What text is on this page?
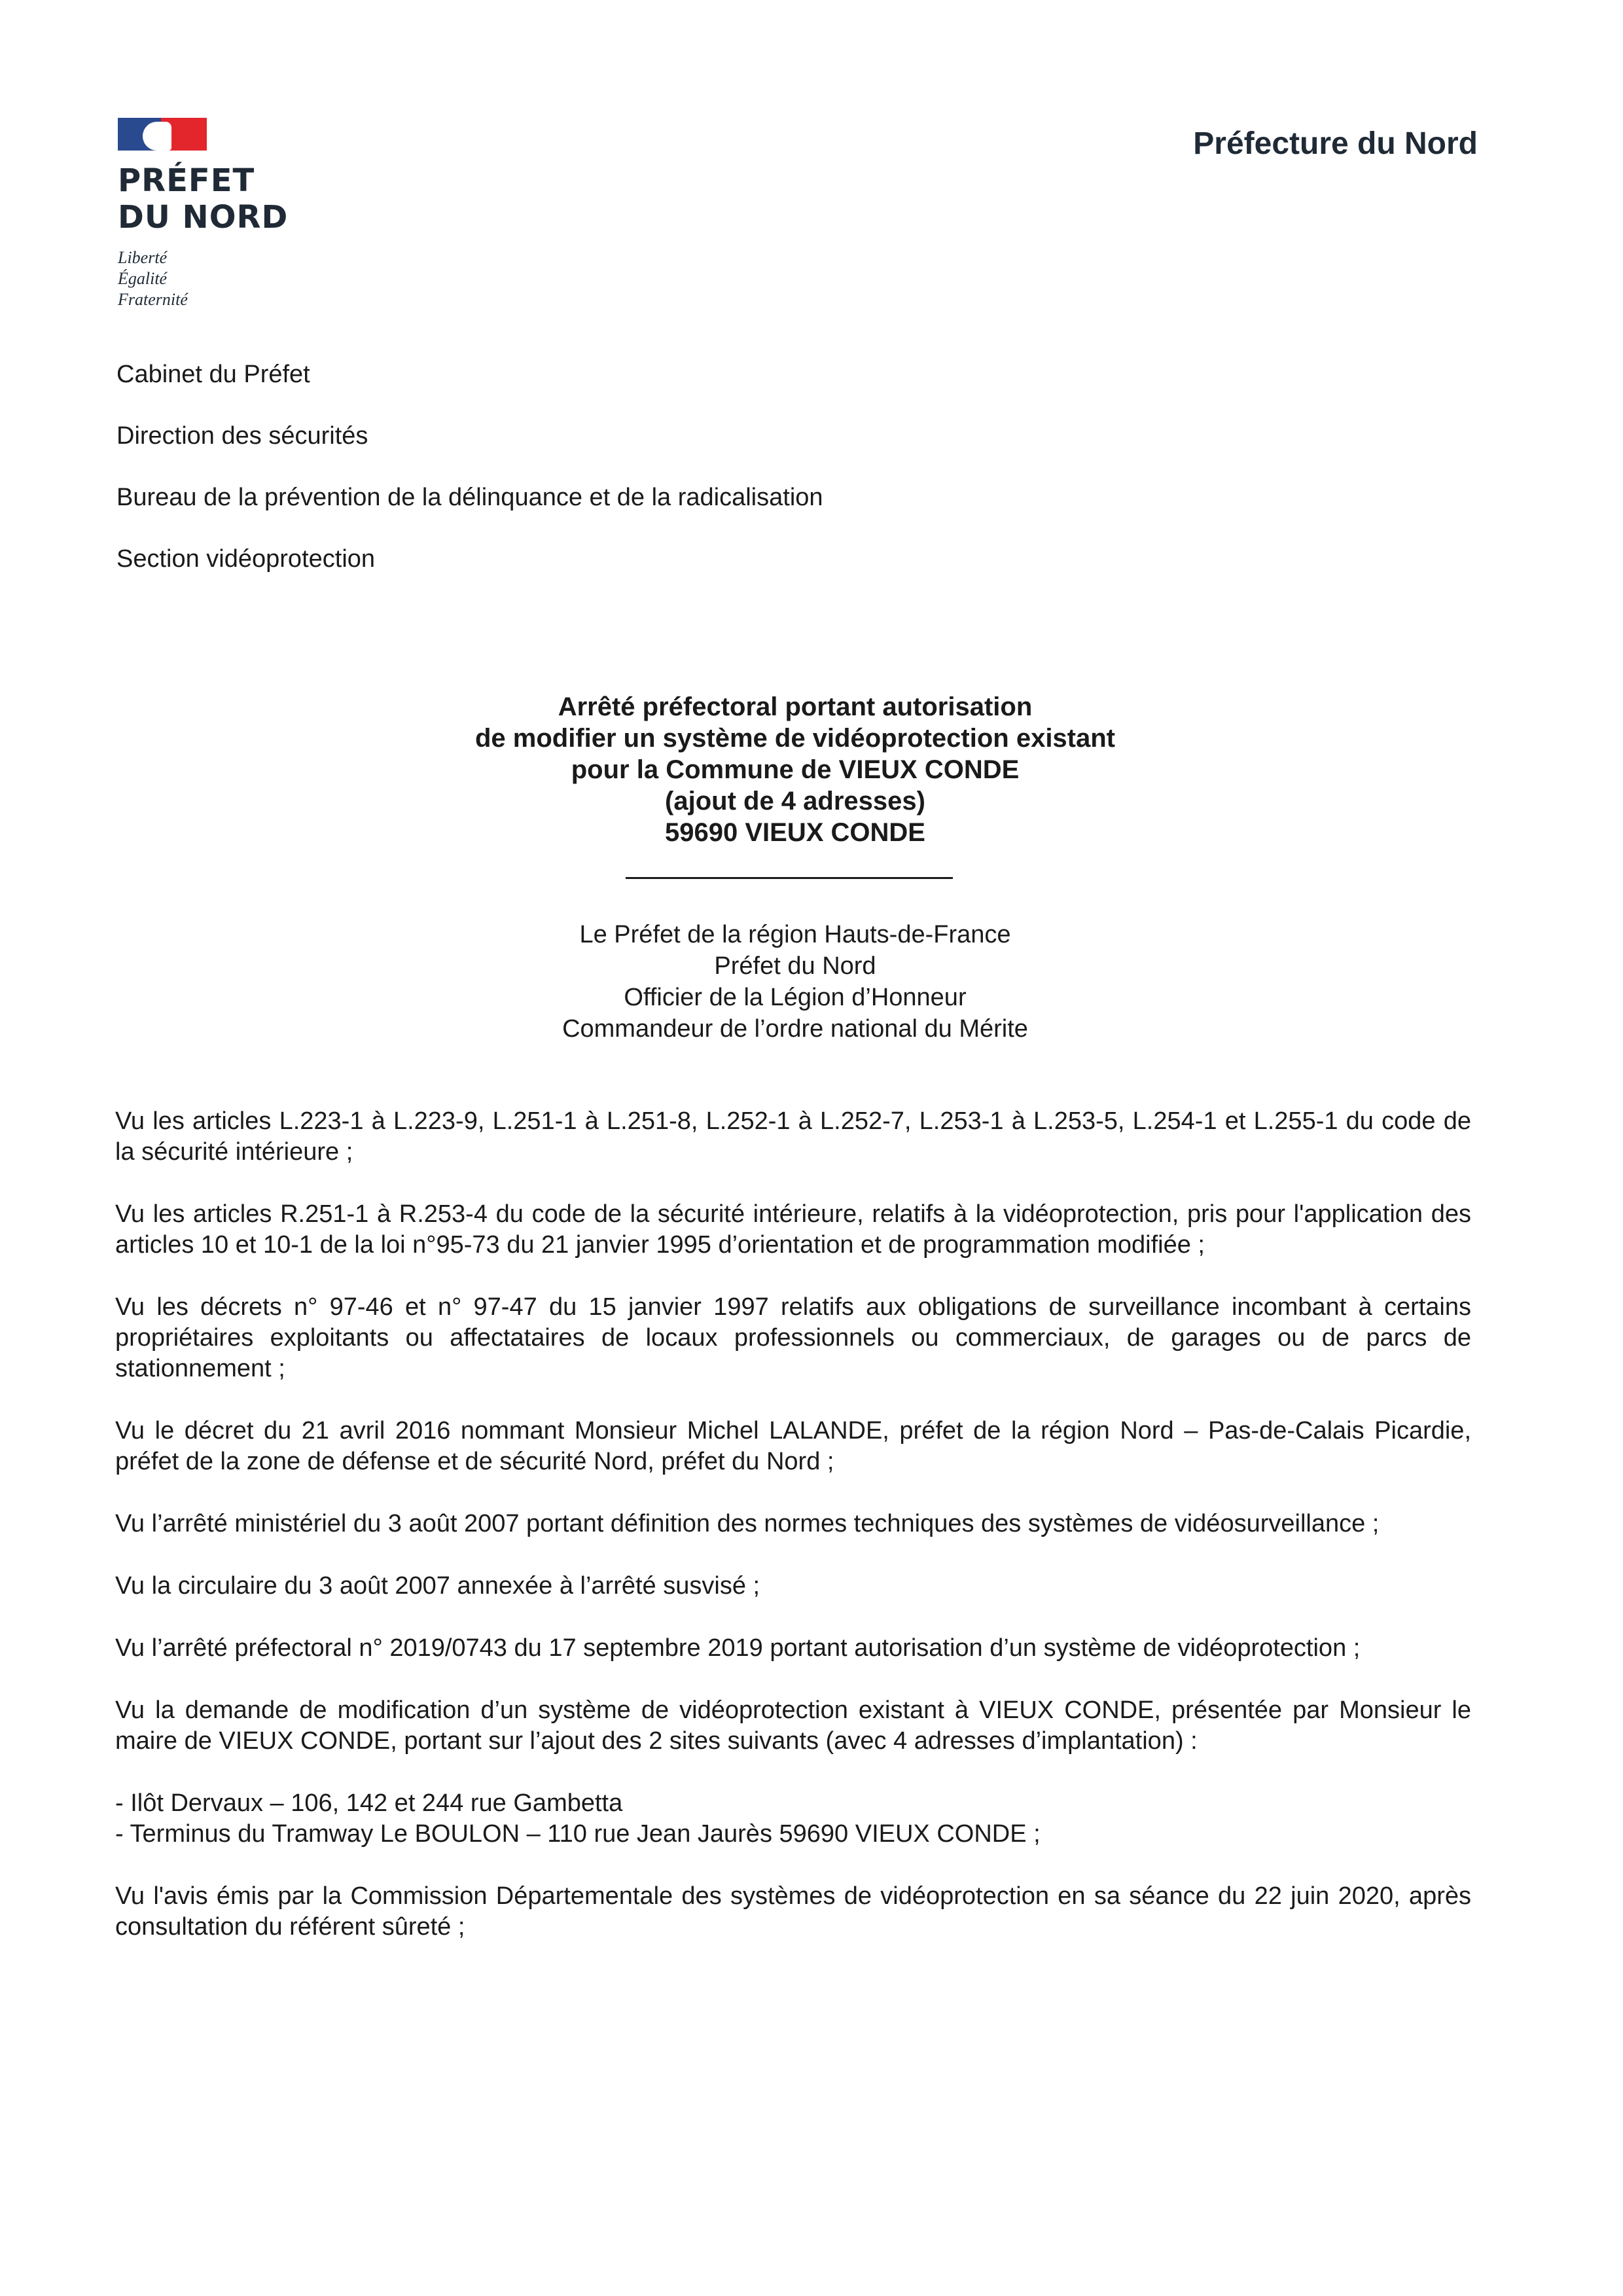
PRÉFET
DU NORD
Liberté
Égalité
Fraternité
Préfecture du Nord

Cabinet du Préfet

Direction des sécurités

Bureau de la prévention de la délinquance et de la radicalisation

Section vidéoprotection

Arrêté préfectoral portant autorisation
de modifier un système de vidéoprotection existant
pour la Commune de VIEUX CONDE
(ajout de 4 adresses)
59690 VIEUX CONDE
Le Préfet de la région Hauts-de-France
Préfet du Nord
Officier de la Légion d’Honneur
Commandeur de l’ordre national du Mérite

Vu les articles L.223-1 à L.223-9, L.251-1 à L.251-8, L.252-1 à L.252-7, L.253-1 à L.253-5, L.254-1 et L.255-1 du code de la sécurité intérieure ;

Vu les articles R.251-1 à R.253-4 du code de la sécurité intérieure, relatifs à la vidéoprotection, pris pour l'application des articles 10 et 10-1 de la loi n°95-73 du 21 janvier 1995 d’orientation et de programmation modifiée ;

Vu les décrets n° 97-46 et n° 97-47 du 15 janvier 1997 relatifs aux obligations de surveillance incombant à certains propriétaires exploitants ou affectataires de locaux professionnels ou commerciaux, de garages ou de parcs de stationnement ;

Vu le décret du 21 avril 2016 nommant Monsieur Michel LALANDE, préfet de la région Nord – Pas-de-Calais Picardie, préfet de la zone de défense et de sécurité Nord, préfet du Nord ;

Vu l’arrêté ministériel du 3 août 2007 portant définition des normes techniques des systèmes de vidéosurveillance ;

Vu la circulaire du 3 août 2007 annexée à l’arrêté susvisé ;

Vu l’arrêté préfectoral n° 2019/0743 du 17 septembre 2019 portant autorisation d’un système de vidéoprotection ;

Vu la demande de modification d’un système de vidéoprotection existant à VIEUX CONDE, présentée par Monsieur le maire de VIEUX CONDE, portant sur l’ajout des 2 sites suivants (avec 4 adresses d’implantation) :

- Ilôt Dervaux – 106, 142 et 244 rue Gambetta

- Terminus du Tramway Le BOULON – 110 rue Jean Jaurès 59690 VIEUX CONDE ;

Vu l'avis émis par la Commission Départementale des systèmes de vidéoprotection en sa séance du 22 juin 2020, après consultation du référent sûreté ;
